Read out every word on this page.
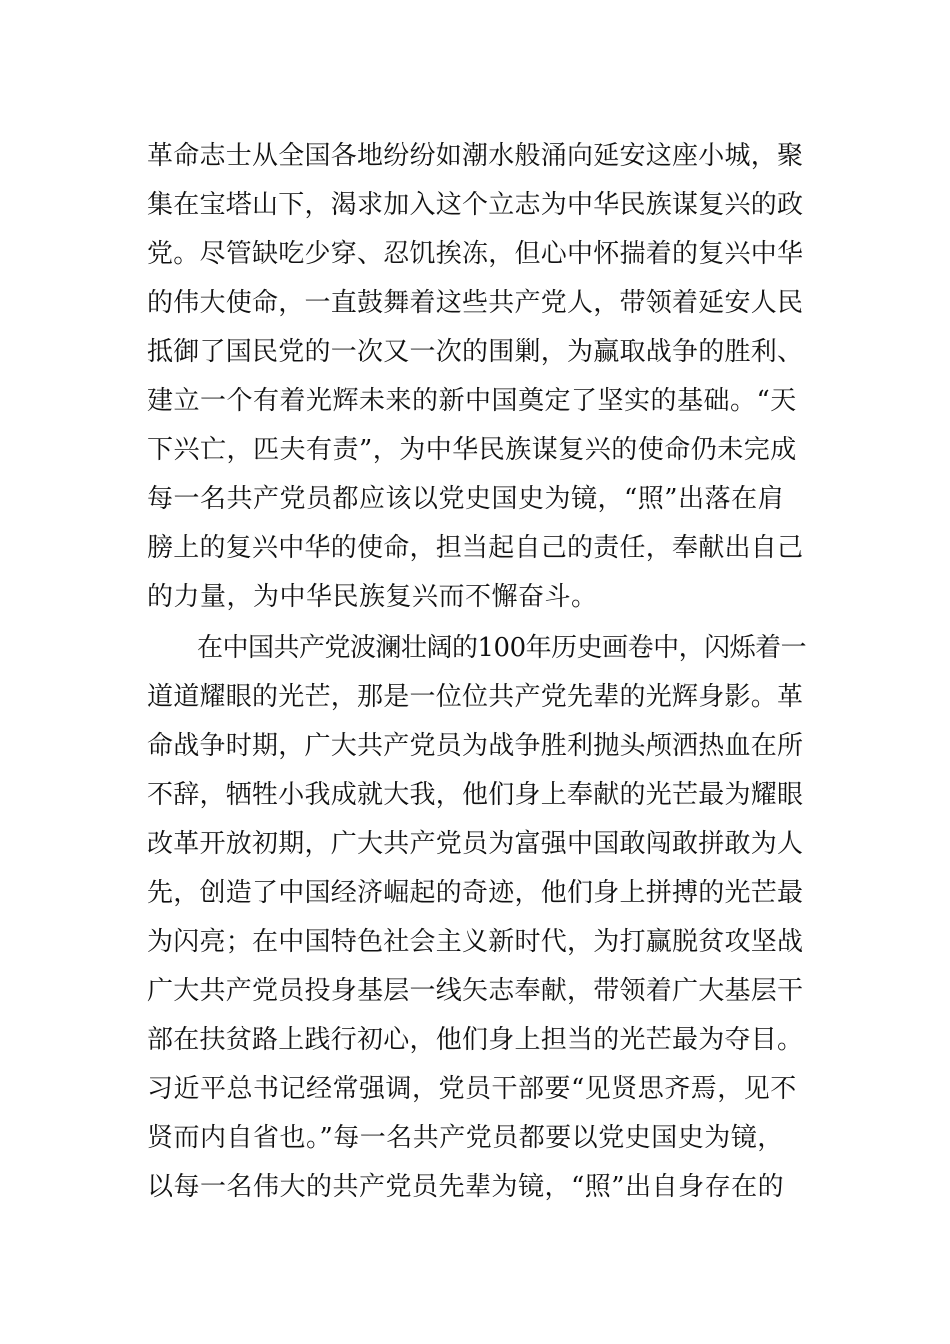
革命志士从全国各地纷纷如潮水般涌向延安这座小城，聚
集在宝塔山下，渴求加入这个立志为中华民族谋复兴的政
党。尽管缺吃少穿、忍饥挨冻，但心中怀揣着的复兴中华
的伟大使命，一直鼓舞着这些共产党人，带领着延安人民
抵御了国民党的一次又一次的围剿，为赢取战争的胜利、
建立一个有着光辉未来的新中国奠定了坚实的基础。“天
下兴亡，匹夫有责”，为中华民族谋复兴的使命仍未完成
每一名共产党员都应该以党史国史为镜，“照”出落在肩
膀上的复兴中华的使命，担当起自己的责任，奉献出自己
的力量，为中华民族复兴而不懈奋斗。
在中国共产党波澜壮阔的100年历史画卷中，闪烁着一
道道耀眼的光芒，那是一位位共产党先辈的光辉身影。革
命战争时期，广大共产党员为战争胜利抛头颅洒热血在所
不辞，牺牲小我成就大我，他们身上奉献的光芒最为耀眼
改革开放初期，广大共产党员为富强中国敢闯敢拼敢为人
先，创造了中国经济崛起的奇迹，他们身上拼搏的光芒最
为闪亮；在中国特色社会主义新时代，为打赢脱贫攻坚战
广大共产党员投身基层一线矢志奉献，带领着广大基层干
部在扶贫路上践行初心，他们身上担当的光芒最为夺目。
习近平总书记经常强调，党员干部要“见贤思齐焉，见不
贤而内自省也。”每一名共产党员都要以党史国史为镜，
以每一名伟大的共产党员先辈为镜，“照”出自身存在的
